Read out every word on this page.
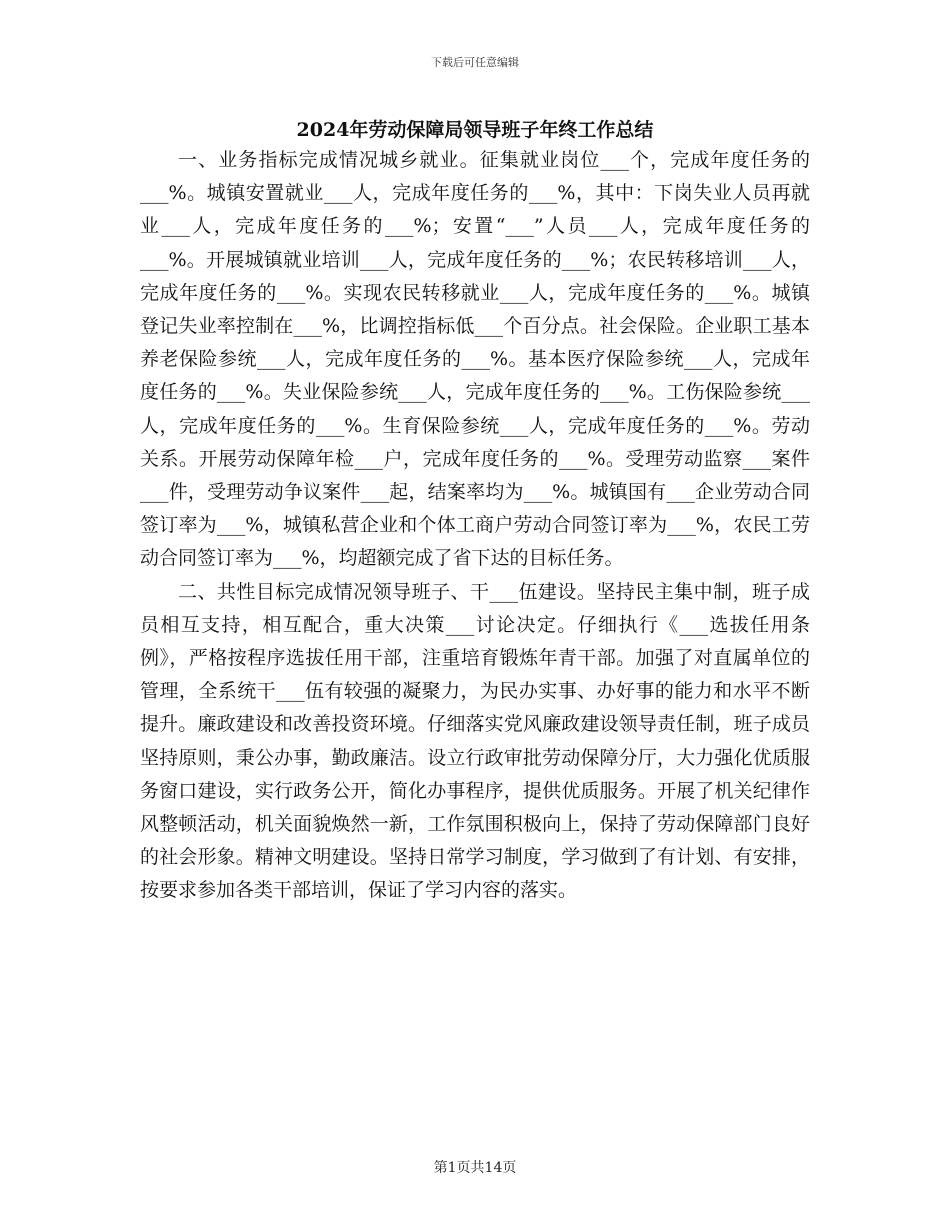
下载后可任意编辑
2024年劳动保障局领导班子年终工作总结

一、业务指标完成情况城乡就业。征集就业岗位___个，完成年度任务的___%。城镇安置就业___人，完成年度任务的___%，其中：下岗失业人员再就业___人，完成年度任务的___%；安置“___”人员___人，完成年度任务的___%。开展城镇就业培训___人，完成年度任务的___%；农民转移培训___人，完成年度任务的___%。实现农民转移就业___人，完成年度任务的___%。城镇登记失业率控制在___%，比调控指标低___个百分点。社会保险。企业职工基本养老保险参统___人，完成年度任务的___%。基本医疗保险参统___人，完成年度任务的___%。失业保险参统___人，完成年度任务的___%。工伤保险参统___人，完成年度任务的___%。生育保险参统___人，完成年度任务的___%。劳动关系。开展劳动保障年检___户，完成年度任务的___%。受理劳动监察___案件___件，受理劳动争议案件___起，结案率均为___%。城镇国有___企业劳动合同签订率为___%，城镇私营企业和个体工商户劳动合同签订率为___%，农民工劳动合同签订率为___%，均超额完成了省下达的目标任务。

二、共性目标完成情况领导班子、干___伍建设。坚持民主集中制，班子成员相互支持，相互配合，重大决策___讨论决定。仔细执行《___选拔任用条例》，严格按程序选拔任用干部，注重培育锻炼年青干部。加强了对直属单位的管理，全系统干___伍有较强的凝聚力，为民办实事、办好事的能力和水平不断提升。廉政建设和改善投资环境。仔细落实党风廉政建设领导责任制，班子成员坚持原则，秉公办事，勤政廉洁。设立行政审批劳动保障分厅，大力强化优质服务窗口建设，实行政务公开，简化办事程序，提供优质服务。开展了机关纪律作风整顿活动，机关面貌焕然一新，工作氛围积极向上，保持了劳动保障部门良好的社会形象。精神文明建设。坚持日常学习制度，学习做到了有计划、有安排，按要求参加各类干部培训，保证了学习内容的落实。

第1页共14页
